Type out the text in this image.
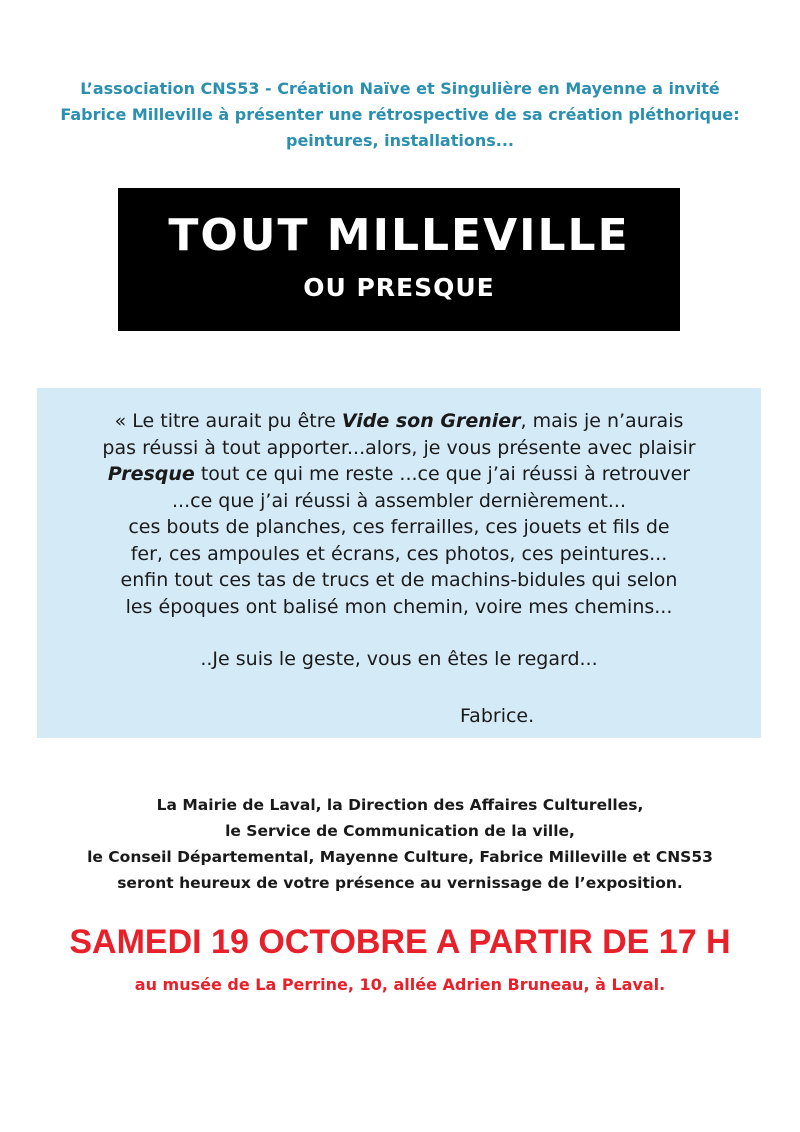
L’association CNS53 - Création Naïve et Singulière en Mayenne a invité
Fabrice Milleville à présenter une rétrospective de sa création pléthorique:
peintures, installations...
TOUT MILLEVILLE
OU PRESQUE
« Le titre aurait pu être Vide son Grenier, mais je n’aurais
pas réussi à tout apporter...alors, je vous présente avec plaisir
Presque tout ce qui me reste ...ce que j’ai réussi à retrouver
...ce que j’ai réussi à assembler dernièrement...
ces bouts de planches, ces ferrailles, ces jouets et fils de
fer, ces ampoules et écrans, ces photos, ces peintures...
enfin tout ces tas de trucs et de machins-bidules qui selon
les époques ont balisé mon chemin, voire mes chemins...
..Je suis le geste, vous en êtes le regard...
Fabrice.
La Mairie de Laval, la Direction des Affaires Culturelles,
le Service de Communication de la ville,
le Conseil Départemental, Mayenne Culture, Fabrice Milleville et CNS53
seront heureux de votre présence au vernissage de l’exposition.
SAMEDI 19 OCTOBRE A PARTIR DE 17 H
au musée de La Perrine, 10, allée Adrien Bruneau, à Laval.
